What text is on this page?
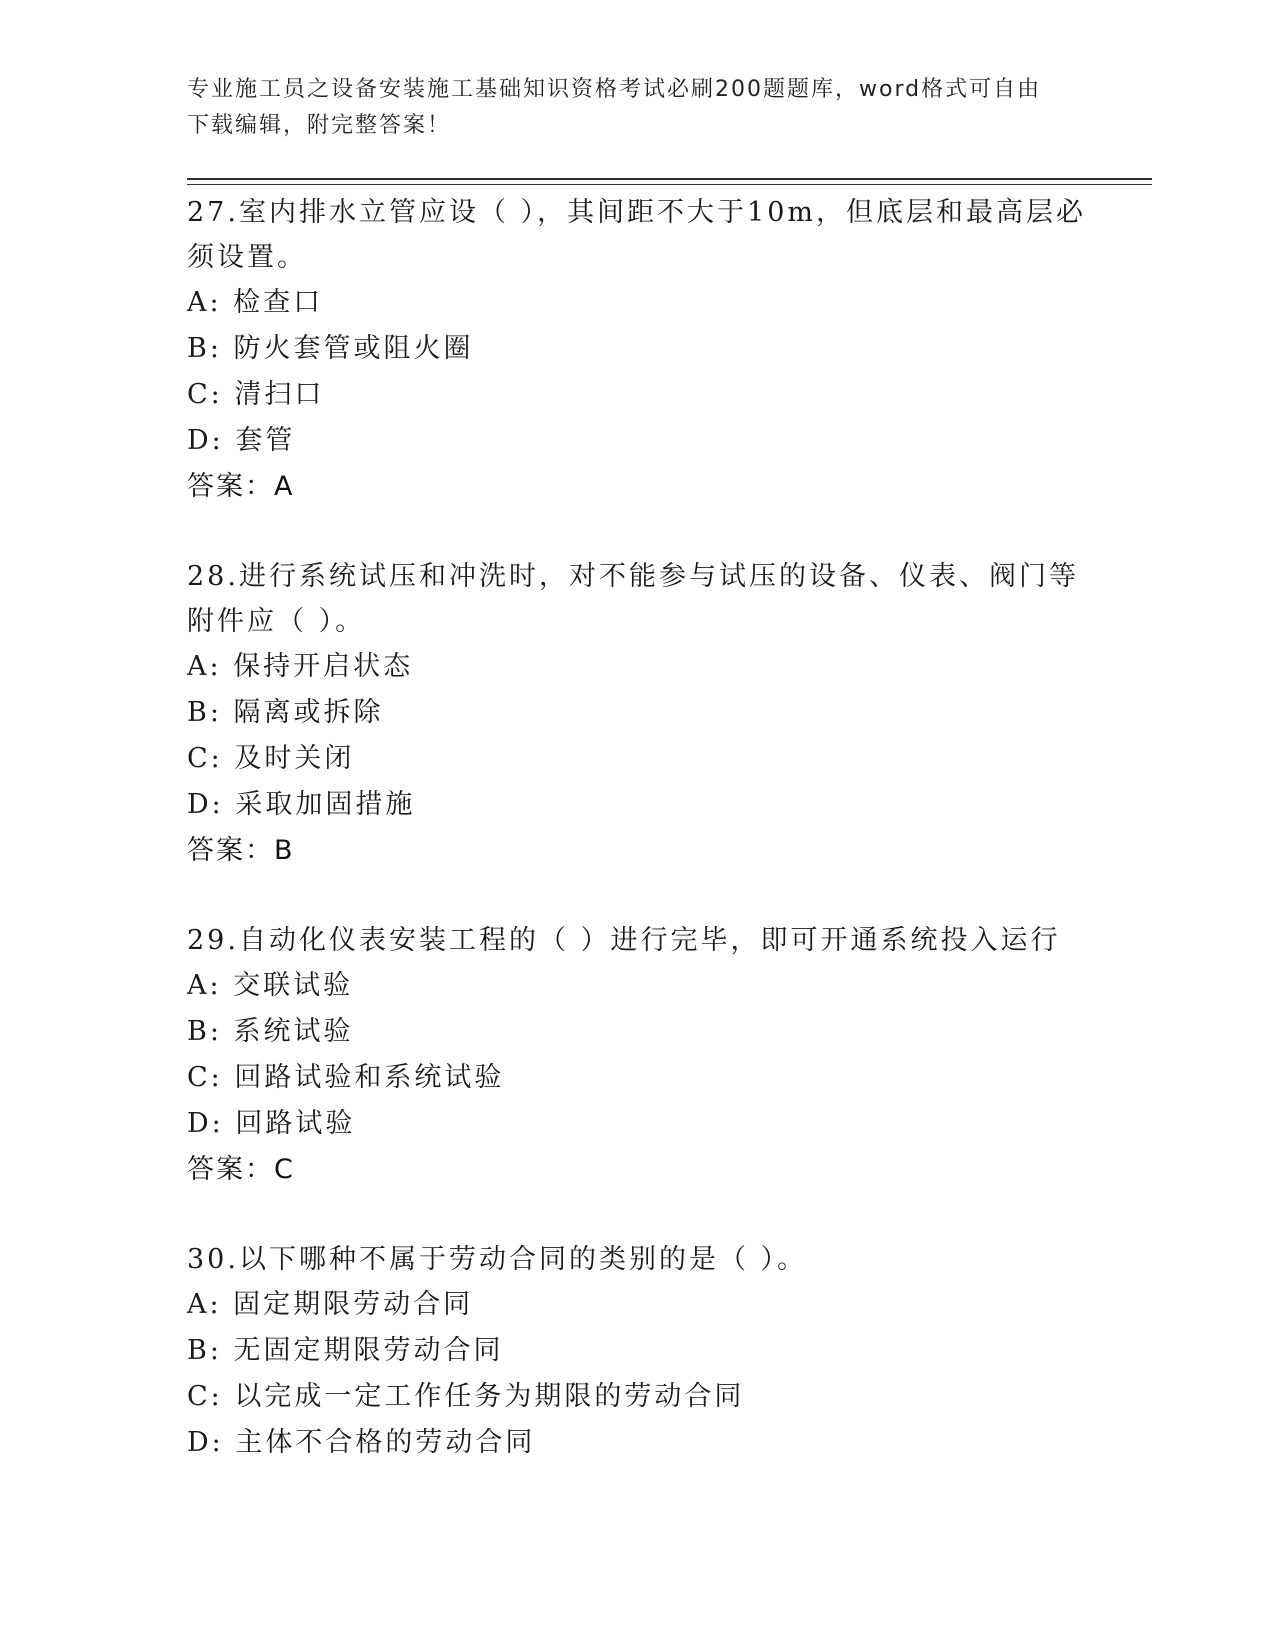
专业施工员之设备安装施工基础知识资格考试必刷200题题库，word格式可自由
下载编辑，附完整答案！
27.室内排水立管应设（ ），其间距不大于10m，但底层和最高层必须设置。
A: 检查口
B: 防火套管或阻火圈
C: 清扫口
D: 套管
答案：A
28.进行系统试压和冲洗时，对不能参与试压的设备、仪表、阀门等附件应（ ）。
A: 保持开启状态
B: 隔离或拆除
C: 及时关闭
D: 采取加固措施
答案：B
29.自动化仪表安装工程的（ ）进行完毕，即可开通系统投入运行
A: 交联试验
B: 系统试验
C: 回路试验和系统试验
D: 回路试验
答案：C
30.以下哪种不属于劳动合同的类别的是（ ）。
A: 固定期限劳动合同
B: 无固定期限劳动合同
C: 以完成一定工作任务为期限的劳动合同
D: 主体不合格的劳动合同
